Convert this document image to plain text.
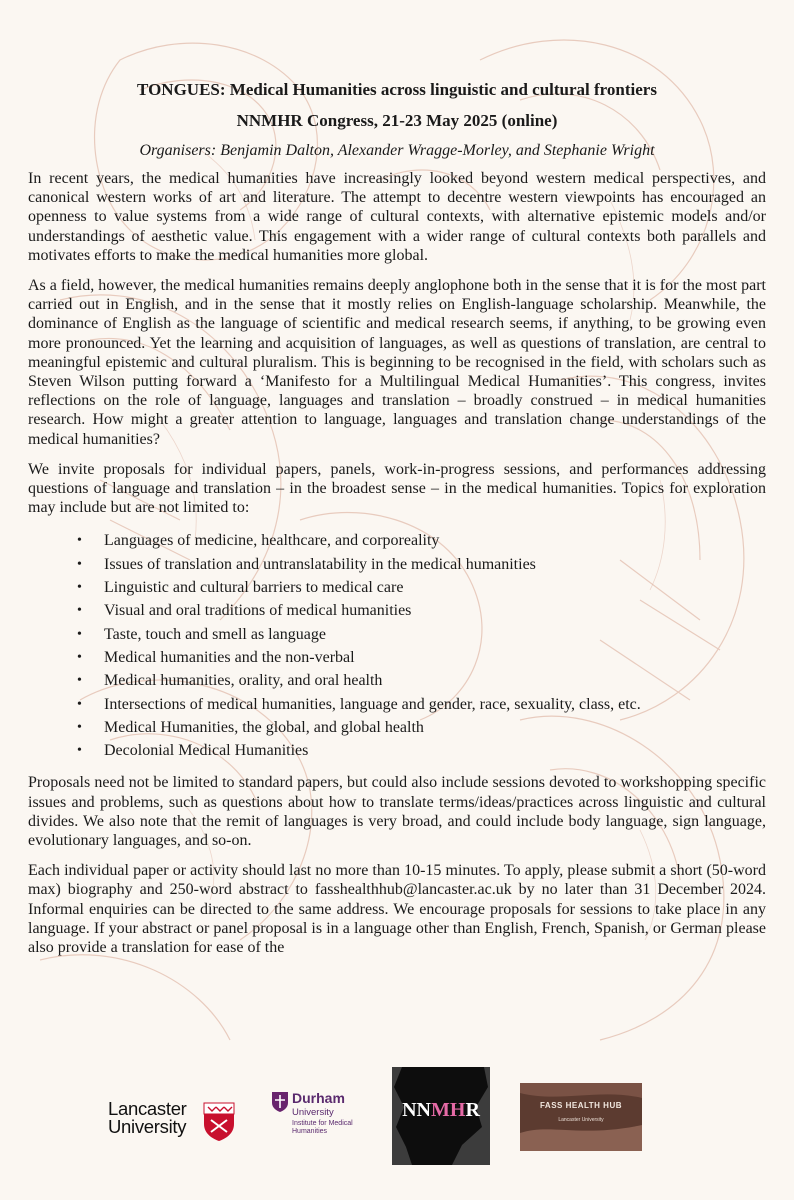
TONGUES: Medical Humanities across linguistic and cultural frontiers
NNMHR Congress, 21-23 May 2025 (online)

Organisers: Benjamin Dalton, Alexander Wragge-Morley, and Stephanie Wright

In recent years, the medical humanities have increasingly looked beyond western medical perspectives, and canonical western works of art and literature. The attempt to decentre western viewpoints has encouraged an openness to value systems from a wide range of cultural contexts, with alternative epistemic models and/or understandings of aesthetic value. This engagement with a wider range of cultural contexts both parallels and motivates efforts to make the medical humanities more global.

As a field, however, the medical humanities remains deeply anglophone both in the sense that it is for the most part carried out in English, and in the sense that it mostly relies on English-language scholarship. Meanwhile, the dominance of English as the language of scientific and medical research seems, if anything, to be growing even more pronounced. Yet the learning and acquisition of languages, as well as questions of translation, are central to meaningful epistemic and cultural pluralism. This is beginning to be recognised in the field, with scholars such as Steven Wilson putting forward a ‘Manifesto for a Multilingual Medical Humanities’. This congress, invites reflections on the role of language, languages and translation – broadly construed – in medical humanities research. How might a greater attention to language, languages and translation change understandings of the medical humanities?

We invite proposals for individual papers, panels, work-in-progress sessions, and performances addressing questions of language and translation – in the broadest sense – in the medical humanities. Topics for exploration may include but are not limited to:

• Languages of medicine, healthcare, and corporeality
• Issues of translation and untranslatability in the medical humanities
• Linguistic and cultural barriers to medical care
• Visual and oral traditions of medical humanities
• Taste, touch and smell as language
• Medical humanities and the non-verbal
• Medical humanities, orality, and oral health
• Intersections of medical humanities, language and gender, race, sexuality, class, etc.
• Medical Humanities, the global, and global health
• Decolonial Medical Humanities

Proposals need not be limited to standard papers, but could also include sessions devoted to workshopping specific issues and problems, such as questions about how to translate terms/ideas/practices across linguistic and cultural divides. We also note that the remit of languages is very broad, and could include body language, sign language, evolutionary languages, and so-on.

Each individual paper or activity should last no more than 10-15 minutes. To apply, please submit a short (50-word max) biography and 250-word abstract to fasshealthhub@lancaster.ac.uk by no later than 31 December 2024. Informal enquiries can be directed to the same address. We encourage proposals for sessions to take place in any language. If your abstract or panel proposal is in a language other than English, French, Spanish, or German please also provide a translation for ease of the

Lancaster
University
Durham
University
Institute for Medical Humanities
NNMHR	FASS HEALTH HUB
Lancaster University
